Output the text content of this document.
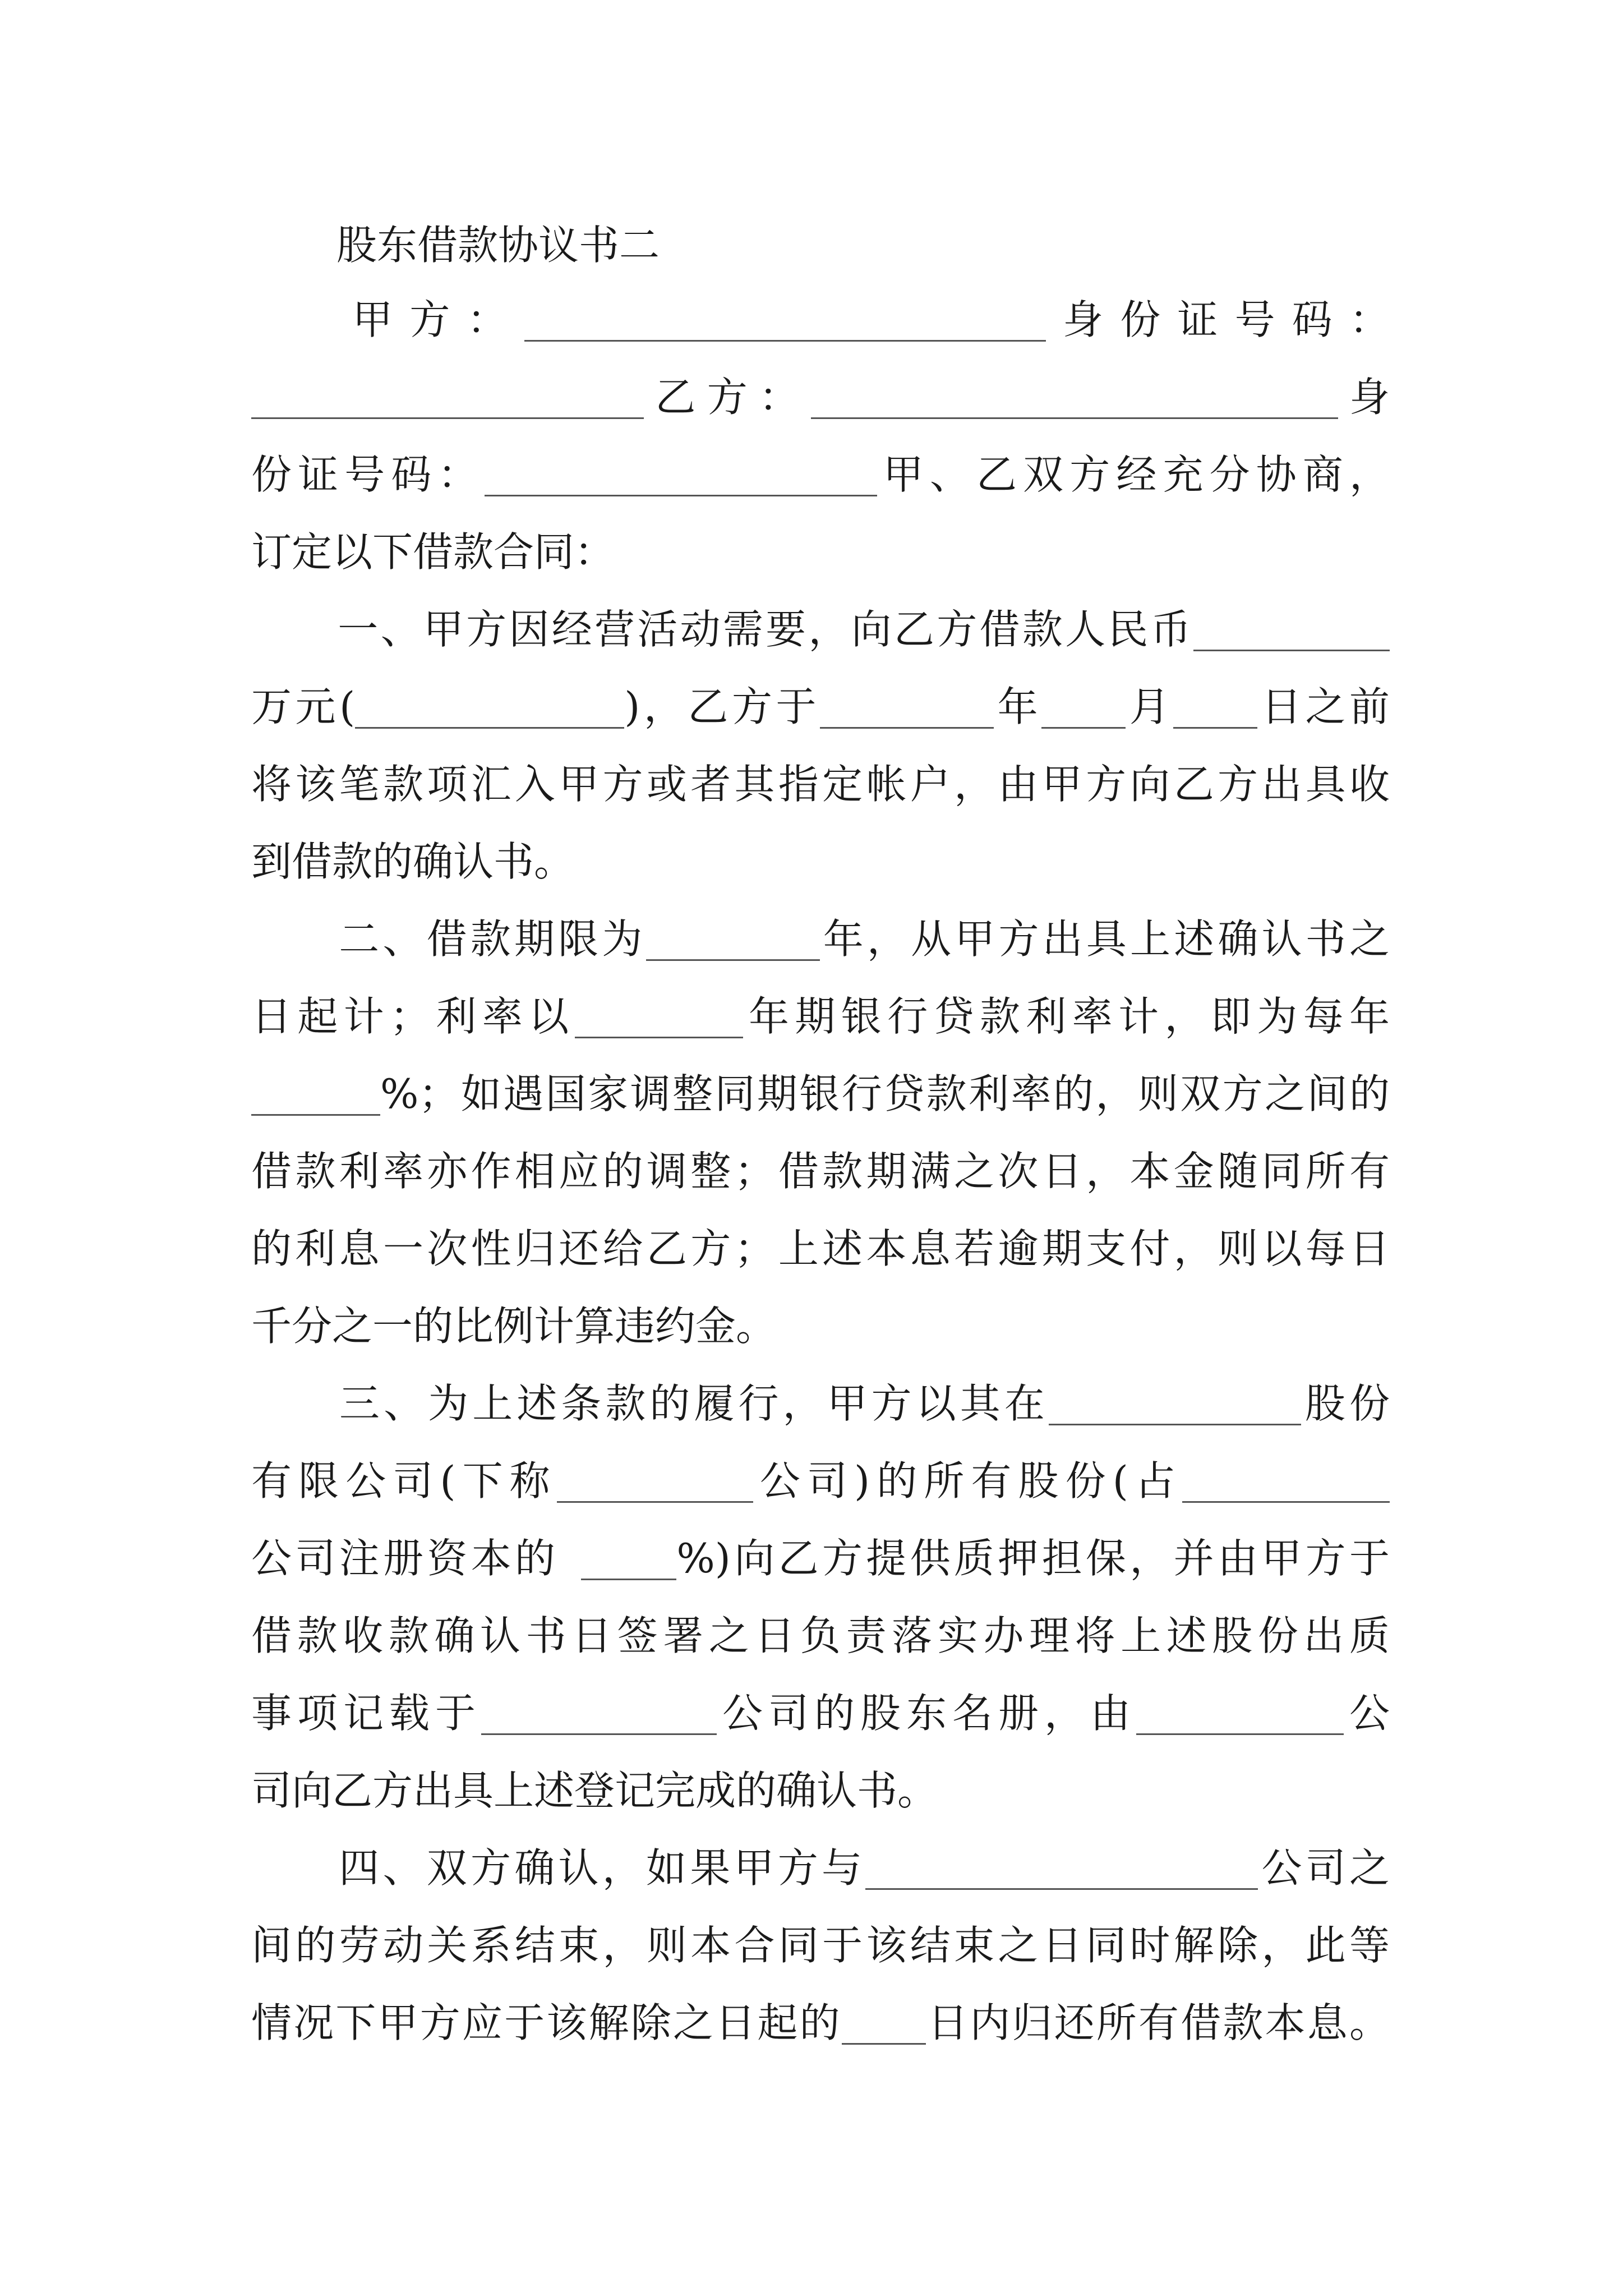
股东借款协议书二
甲方：	身份证号码：
乙方：	身
份证号码：	甲、乙双方经充分协商，
订定以下借款合同：
一、甲方因经营活动需要，向乙方借款人民币
万元(	)，乙方于	年 月 日之前
将该笔款项汇入甲方或者其指定帐户，由甲方向乙方出具收
到借款的确认书。
二、借款期限为	年，从甲方出具上述确认书之
日起计；利率以	年期银行贷款利率计，即为每年
%；如遇国家调整同期银行贷款利率的，则双方之间的
借款利率亦作相应的调整；借款期满之次日，本金随同所有
的利息一次性归还给乙方；上述本息若逾期支付，则以每日
千分之一的比例计算违约金。
三、为上述条款的履行，甲方以其在	股份
有限公司(下称	公司)的所有股份(占
公司注册资本的	%)向乙方提供质押担保，并由甲方于
借款收款确认书日签署之日负责落实办理将上述股份出质
事项记载于	公司的股东名册，由	公
司向乙方出具上述登记完成的确认书。
四、双方确认，如果甲方与	公司之
间的劳动关系结束，则本合同于该结束之日同时解除，此等
情况下甲方应于该解除之日起的 日内归还所有借款本息。
